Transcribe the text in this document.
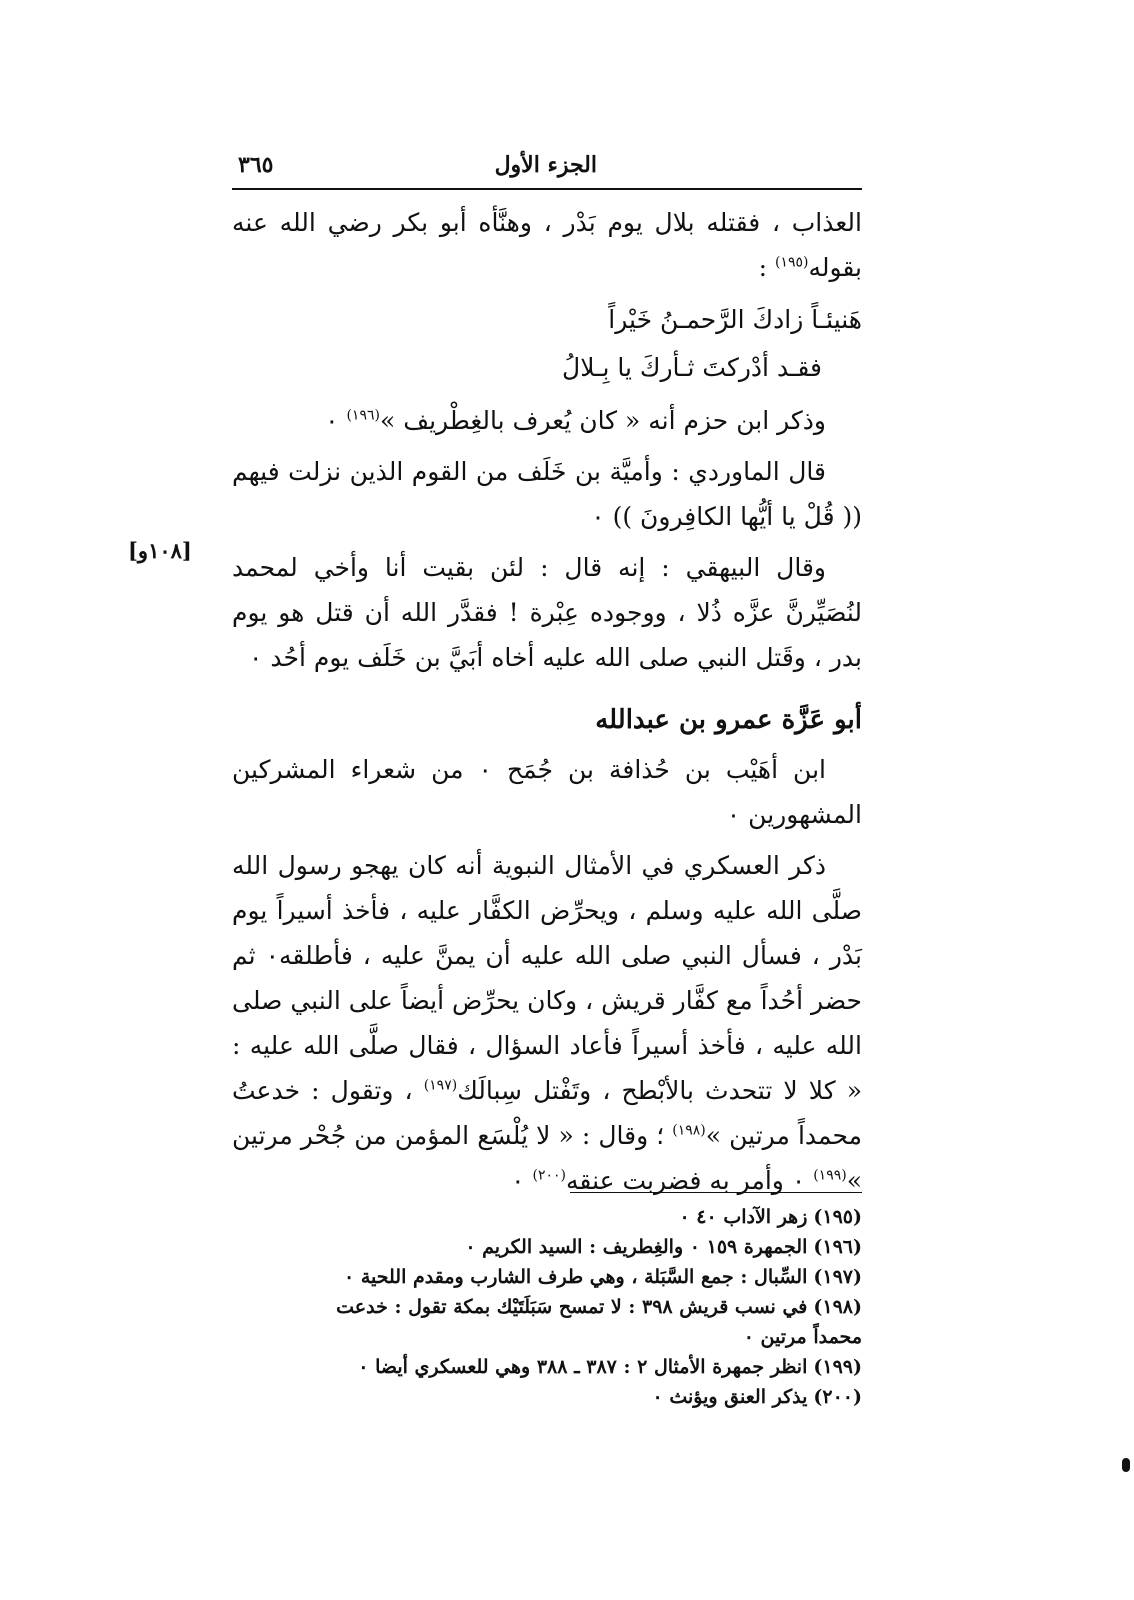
الجزء الأول
٣٦٥
[١٠٨و]

العذاب ، فقتله بلال يوم بَدْر ، وهنَّأه أبو بكر رضي الله عنه بقوله$^{(١٩٥)}$ :

هَنيئـاً زادكَ الرَّحمـنُ خَيْراً

فقـد أدْركتَ ثـأركَ يا بِـلالُ

وذكر ابن حزم أنه « كان يُعرف بالغِطْريف »$^{(١٩٦)}$ ٠

قال الماوردي : وأميَّة بن خَلَف من القوم الذين نزلت فيهم (( قُلْ يا أيُّها الكافِرونَ )) ٠

وقال البيهقي : إنه قال : لئن بقيت أنا وأخي لمحمد لنُصَيِّرنَّ عزَّه ذُلا ، ووجوده عِبْرة ! فقدَّر الله أن قتل هو يوم بدر ، وقَتل النبي صلى الله عليه أخاه أبَيَّ بن خَلَف يوم أحُد ٠

أبو عَزَّة عمرو بن عبدالله

ابن أهَيْب بن حُذافة بن جُمَح ٠ من شعراء المشركين المشهورين ٠

ذكر العسكري في الأمثال النبوية أنه كان يهجو رسول الله صلَّى الله عليه وسلم ، ويحرِّض الكفَّار عليه ، فأخذ أسيراً يوم بَدْر ، فسأل النبي صلى الله عليه أن يمنَّ عليه ، فأطلقه٠ ثم حضر أحُداً مع كفَّار قريش ، وكان يحرِّض أيضاً على النبي صلى الله عليه ، فأخذ أسيراً فأعاد السؤال ، فقال صلَّى الله عليه : « كلا لا تتحدث بالأبْطح ، وتَفْتل سِبالَك$^{(١٩٧)}$ ، وتقول : خدعتُ محمداً مرتين »$^{(١٩٨)}$ ؛ وقال : « لا يُلْسَع المؤمن من جُحْر مرتين »$^{(١٩٩)}$ ٠ وأمر به فضربت عنقه$^{(٢٠٠)}$ ٠

(١٩٥)زهر الآداب ٤٠ ٠

(١٩٦)الجمهرة ١٥٩ ٠ والغِطريف : السيد الكريم ٠

(١٩٧)السِّبال : جمع السَّبَلة ، وهي طرف الشارب ومقدم اللحية ٠

(١٩٨)في نسب قريش ٣٩٨ : لا تمسح سَبَلَتَيْك بمكة تقول : خدعت

محمداً مرتين ٠

(١٩٩)انظر جمهرة الأمثال ٢ : ٣٨٧ ـ ٣٨٨ وهي للعسكري أيضا ٠

(٢٠٠)يذكر العنق ويؤنث ٠
